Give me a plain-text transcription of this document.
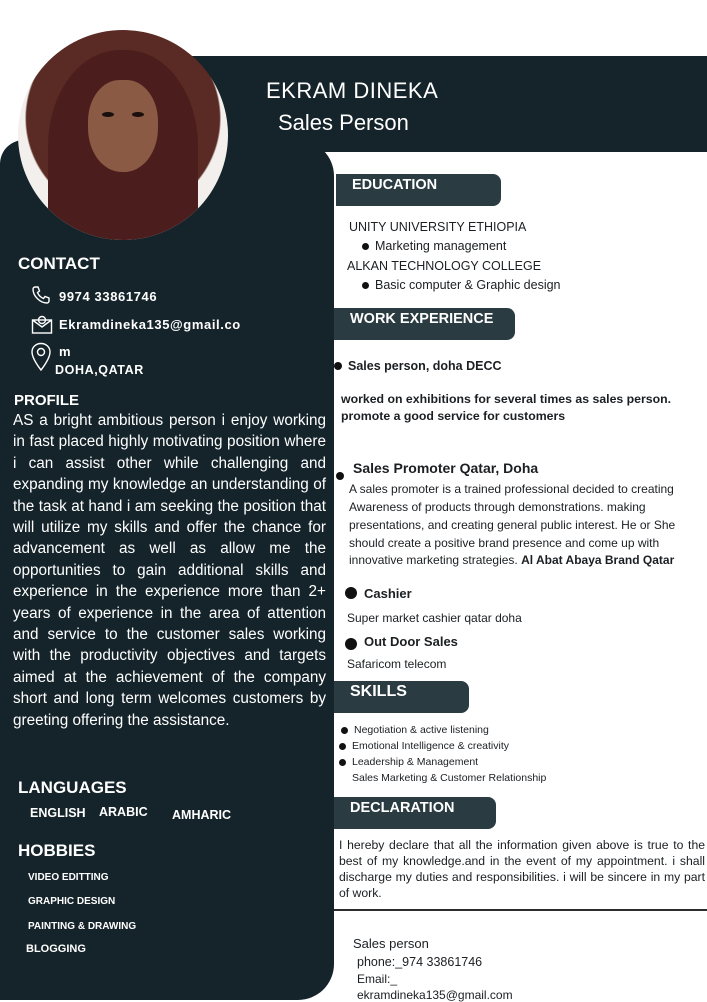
EKRAM DINEKA
Sales Person
CONTACT
9974 33861746
Ekramdineka135@gmail.co
m
DOHA,QATAR
PROFILE
AS a bright ambitious person i enjoy working in fast placed highly motivating position where i can assist other while challenging and expanding my knowledge an understanding of the task at hand i am seeking the position that will utilize my skills and offer the chance for advancement as well as allow me the opportunities to gain additional skills and experience in the experience more than 2+ years of experience in the area of attention and service to the customer sales working with the productivity objectives and targets aimed at the achievement of the company short and long term welcomes customers by greeting offering the assistance.
LANGUAGES
ENGLISH ARABIC AMHARIC
HOBBIES
VIDEO EDITTING
GRAPHIC DESIGN
PAINTING & DRAWING
BLOGGING
EDUCATION
UNITY UNIVERSITY ETHIOPIA
Marketing management
ALKAN TECHNOLOGY COLLEGE
Basic computer & Graphic design
WORK EXPERIENCE
Sales person, doha DECC
worked on exhibitions for several times as sales person.
promote a good service for customers
Sales Promoter Qatar, Doha
A sales promoter is a trained professional decided to creating
Awareness of products through demonstrations. making
presentations, and creating general public interest. He or She
should create a positive brand presence and come up with
innovative marketing strategies. Al Abat Abaya Brand Qatar
Cashier
Super market cashier qatar doha
Out Door Sales
Safaricom telecom
SKILLS
Negotiation & active listening
Emotional Intelligence & creativity
Leadership & Management
Sales Marketing & Customer Relationship
DECLARATION
I hereby declare that all the information given above is true to the best of my knowledge.and in the event of my appointment. i shall discharge my duties and responsibilities. i will be sincere in my part of work.
Sales person
phone:_974 33861746
Email:_
ekramdineka135@gmail.com
